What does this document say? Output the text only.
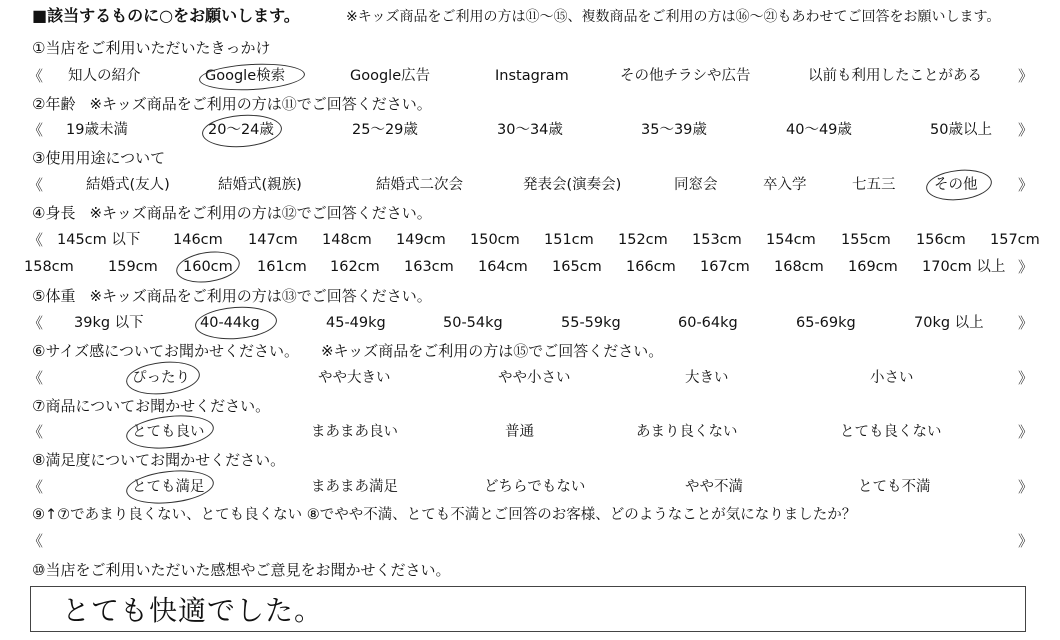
■該当するものに○をお願いします。	※キッズ商品をご利用の方は⑪〜⑮、複数商品をご利用の方は⑯〜㉑もあわせてご回答をお願いします。
①当店をご利用いただいたきっかけ
《 知人の紹介	Google検索	Google広告	Instagram	その他チラシや広告	以前も利用したことがある 》
②年齢 ※キッズ商品をご利用の方は⑪でご回答ください。
《 19歳未満	20〜24歳	25〜29歳	30〜34歳	35〜39歳	40〜49歳	50歳以上 》
③使用用途について
《	結婚式(友人)	結婚式(親族)	結婚式二次会	発表会(演奏会)	同窓会	卒入学	七五三	その他	》
④身長 ※キッズ商品をご利用の方は⑫でご回答ください。
《 145cm 以下 146cm 147cm 148cm 149cm 150cm 151cm 152cm 153cm 154cm 155cm 156cm 157cm
158cm 159cm 160cm 161cm 162cm 163cm 164cm 165cm 166cm 167cm 168cm 169cm 170cm 以上 》
⑤体重 ※キッズ商品をご利用の方は⑬でご回答ください。
《 39kg 以下	40-44kg	45-49kg	50-54kg	55-59kg	60-64kg	65-69kg	70kg 以上 》
⑥サイズ感についてお聞かせください。 ※キッズ商品をご利用の方は⑮でご回答ください。
《	ぴったり	やや大きい	やや小さい	大きい	小さい	》
⑦商品についてお聞かせください。
《	とても良い	まあまあ良い	普通	あまり良くない	とても良くない	》
⑧満足度についてお聞かせください。
《	とても満足	まあまあ満足	どちらでもない	やや不満	とても不満	》
⑨↑⑦であまり良くない、とても良くない ⑧でやや不満、とても不満とご回答のお客様、どのようなことが気になりましたか？
《	》
⑩当店をご利用いただいた感想やご意見をお聞かせください。
とても快適でした。
